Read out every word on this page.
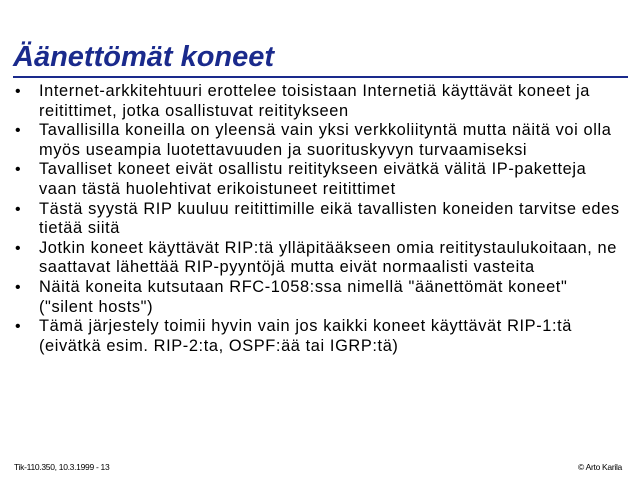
Äänettömät koneet
• Internet-arkkitehtuuri erottelee toisistaan Internetiä käyttävät koneet ja reitittimet, jotka osallistuvat reititykseen
• Tavallisilla koneilla on yleensä vain yksi verkkoliityntä mutta näitä voi olla myös useampia luotettavuuden ja suorituskyvyn turvaamiseksi
• Tavalliset koneet eivät osallistu reititykseen eivätkä välitä IP-paketteja vaan tästä huolehtivat erikoistuneet reitittimet
• Tästä syystä RIP kuuluu reitittimille eikä tavallisten koneiden tarvitse edes tietää siitä
• Jotkin koneet käyttävät RIP:tä ylläpitääkseen omia reititystaulukoitaan, ne saattavat lähettää RIP-pyyntöjä mutta eivät normaalisti vasteita
• Näitä koneita kutsutaan RFC-1058:ssa nimellä "äänettömät koneet" ("silent hosts")
• Tämä järjestely toimii hyvin vain jos kaikki koneet käyttävät RIP-1:tä (eivätkä esim. RIP-2:ta, OSPF:ää tai IGRP:tä)
Tik-110.350, 10.3.1999 - 13	© Arto Karila
